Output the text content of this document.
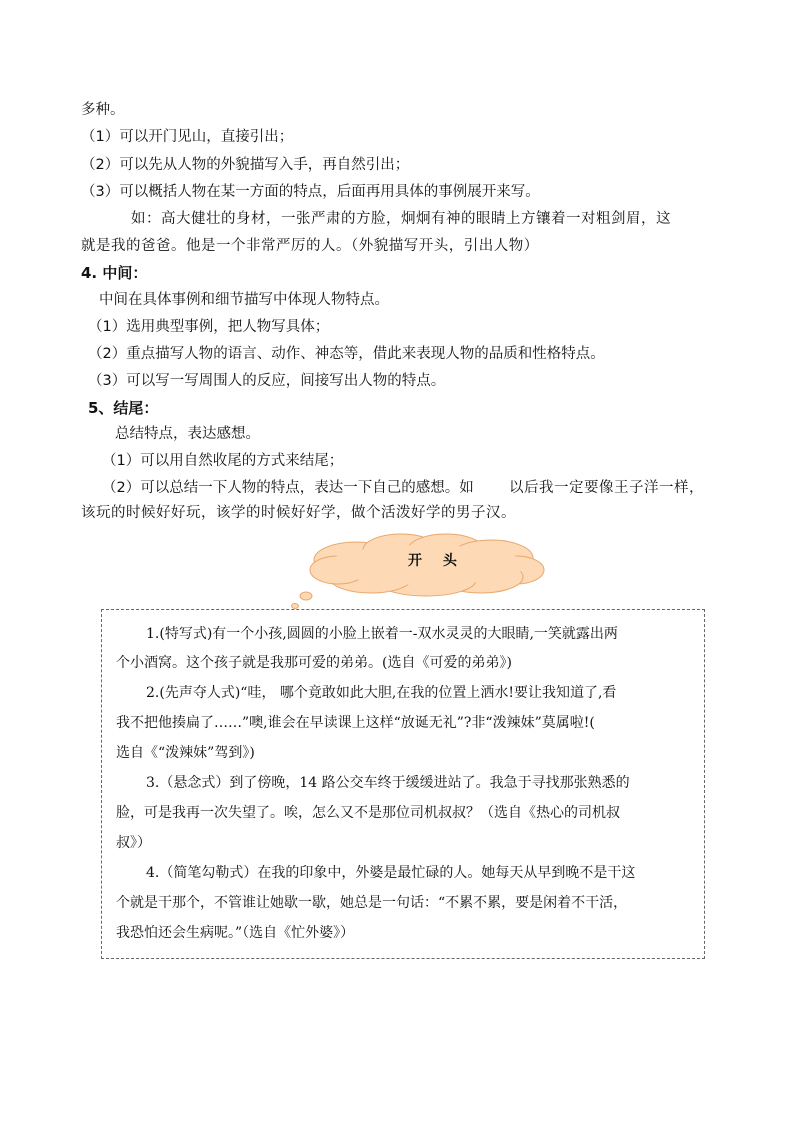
多种。
（1）可以开门见山，直接引出；
（2）可以先从人物的外貌描写入手，再自然引出；
（3）可以概括人物在某一方面的特点，后面再用具体的事例展开来写。
如：高大健壮的身材，一张严肃的方脸，炯炯有神的眼睛上方镶着一对粗剑眉，这
就是我的爸爸。他是一个非常严厉的人。（外貌描写开头，引出人物）
4. 中间：
中间在具体事例和细节描写中体现人物特点。
（1）选用典型事例，把人物写具体；
（2）重点描写人物的语言、动作、神态等，借此来表现人物的品质和性格特点。
（3）可以写一写周围人的反应，间接写出人物的特点。
5、结尾：
总结特点，表达感想。
（1）可以用自然收尾的方式来结尾；
（2）可以总结一下人物的特点，表达一下自己的感想。如 以后我一定要像王子洋一样，
该玩的时候好好玩，该学的时候好好学，做个活泼好学的男子汉。
开 头
1.(特写式)有一个小孩,圆圆的小脸上嵌着一-双水灵灵的大眼睛,一笑就露出两
个小酒窝。这个孩子就是我那可爱的弟弟。(选自《可爱的弟弟》)
2.(先声夺人式)“哇， 哪个竟敢如此大胆,在我的位置上洒水!要让我知道了,看
我不把他揍扁了……”噢,谁会在早读课上这样“放诞无礼”?非“泼辣妹”莫属啦!(
选自《“泼辣妹”驾到》)
3.（悬念式）到了傍晚，14 路公交车终于缓缓进站了。我急于寻找那张熟悉的
脸，可是我再一次失望了。唉，怎么又不是那位司机叔叔？（选自《热心的司机叔
叔》）
4.（简笔勾勒式）在我的印象中，外婆是最忙碌的人。她每天从早到晚不是干这
个就是干那个，不管谁让她歇一歇，她总是一句话：“不累不累，要是闲着不干活，
我恐怕还会生病呢。”（选自《忙外婆》）
